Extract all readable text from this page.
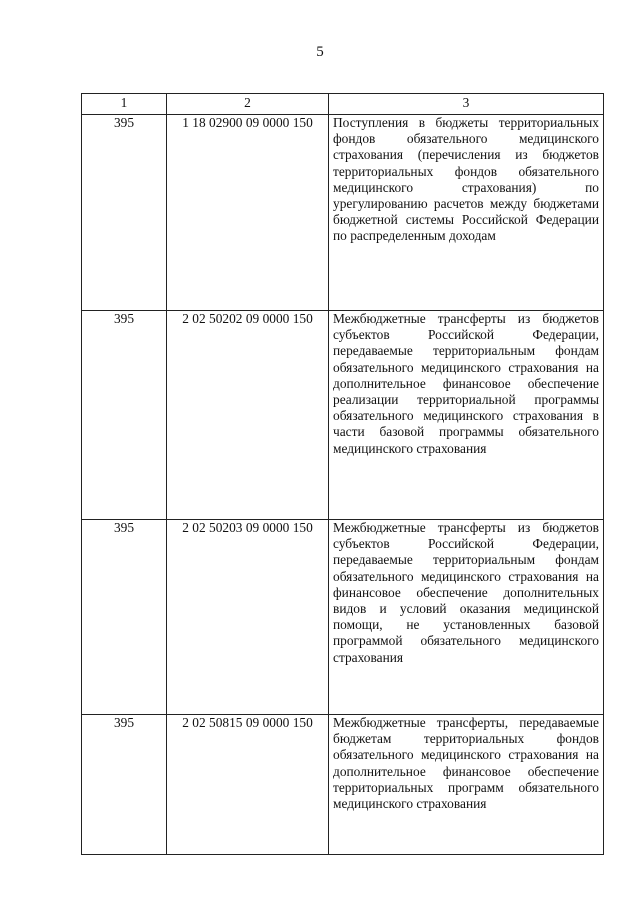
5
1	2	3
395	1 18 02900 09 0000 150	Поступления в бюджеты территориальных фондов обязательного медицинского страхования (перечисления из бюджетов территориальных фондов обязательного медицинского страхования) по урегулированию расчетов между бюджетами бюджетной системы Российской Федерации по распределенным доходам
395	2 02 50202 09 0000 150	Межбюджетные трансферты из бюджетов субъектов Российской Федерации, передаваемые территориальным фондам обязательного медицинского страхования на дополнительное финансовое обеспечение реализации территориальной программы обязательного медицинского страхования в части базовой программы обязательного медицинского страхования
395	2 02 50203 09 0000 150	Межбюджетные трансферты из бюджетов субъектов Российской Федерации, передаваемые территориальным фондам обязательного медицинского страхования на финансовое обеспечение дополнительных видов и условий оказания медицинской помощи, не установленных базовой программой обязательного медицинского страхования
395	2 02 50815 09 0000 150	Межбюджетные трансферты, передаваемые бюджетам территориальных фондов обязательного медицинского страхования на дополнительное финансовое обеспечение территориальных программ обязательного медицинского страхования
